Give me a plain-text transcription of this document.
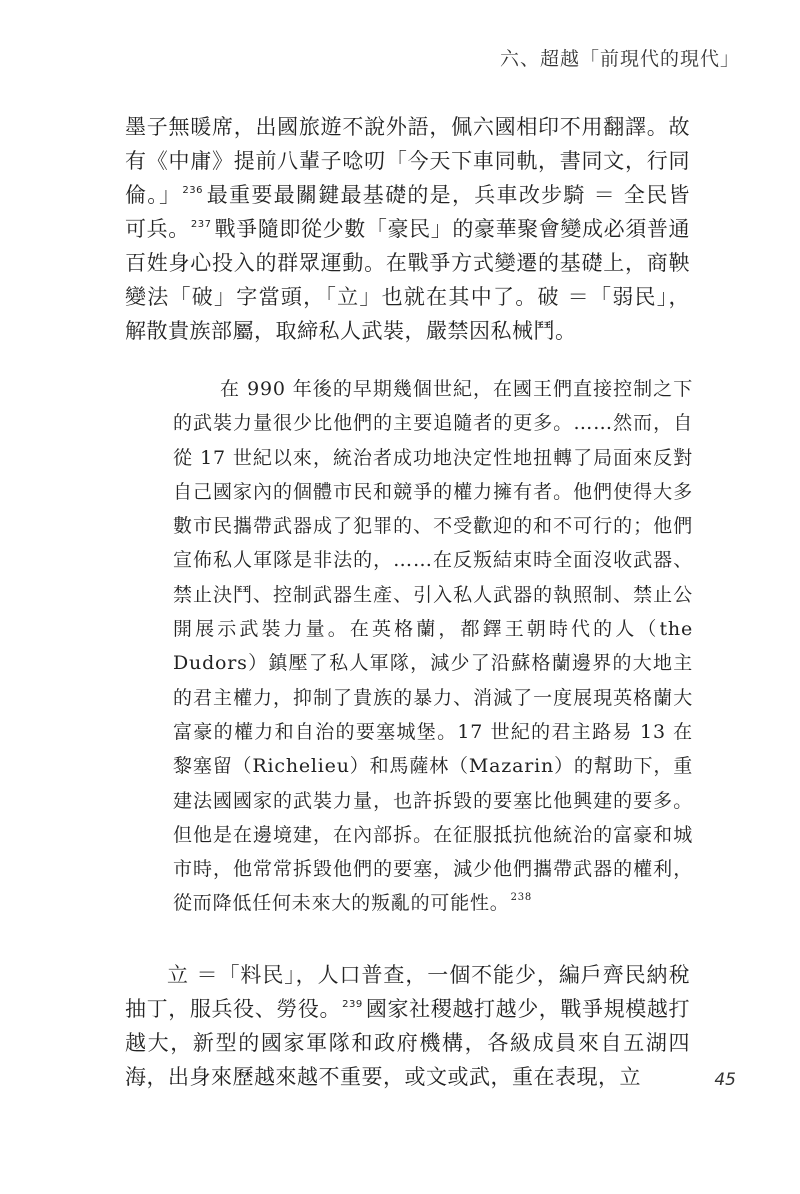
六、超越「前現代的現代」

墨子無暖席，出國旅遊不說外語，佩六國相印不用翻譯。故有《中庸》提前八輩子唸叨「今天下車同軌，書同文，行同倫。」$^{236}$ 最重要最關鍵最基礎的是，兵車改步騎 ＝ 全民皆可兵。$^{237}$ 戰爭隨即從少數「豪民」的豪華聚會變成必須普通百姓身心投入的群眾運動。在戰爭方式變遷的基礎上，商鞅變法「破」字當頭，「立」也就在其中了。破 ＝「弱民」，解散貴族部屬，取締私人武裝，嚴禁因私械鬥。

在 990 年後的早期幾個世紀，在國王們直接控制之下的武裝力量很少比他們的主要追隨者的更多。……然而，自從 17 世紀以來，統治者成功地決定性地扭轉了局面來反對自己國家內的個體市民和競爭的權力擁有者。他們使得大多數市民攜帶武器成了犯罪的、不受歡迎的和不可行的；他們宣佈私人軍隊是非法的，……在反叛結束時全面沒收武器、禁止決鬥、控制武器生產、引入私人武器的執照制、禁止公開展示武裝力量。在英格蘭，都鐸王朝時代的人（the Dudors）鎮壓了私人軍隊，減少了沿蘇格蘭邊界的大地主的君主權力，抑制了貴族的暴力、消減了一度展現英格蘭大富豪的權力和自治的要塞城堡。17 世紀的君主路易 13 在黎塞留（Richelieu）和馬薩林（Mazarin）的幫助下，重建法國國家的武裝力量，也許拆毀的要塞比他興建的要多。但他是在邊境建，在內部拆。在征服抵抗他統治的富豪和城市時，他常常拆毀他們的要塞，減少他們攜帶武器的權利，從而降低任何未來大的叛亂的可能性。$^{238}$

立 ＝「料民」，人口普查，一個不能少，編戶齊民納稅抽丁，服兵役、勞役。$^{239}$ 國家社稷越打越少，戰爭規模越打越大，新型的國家軍隊和政府機構，各級成員來自五湖四海，出身來歷越來越不重要，或文或武，重在表現，立	45
